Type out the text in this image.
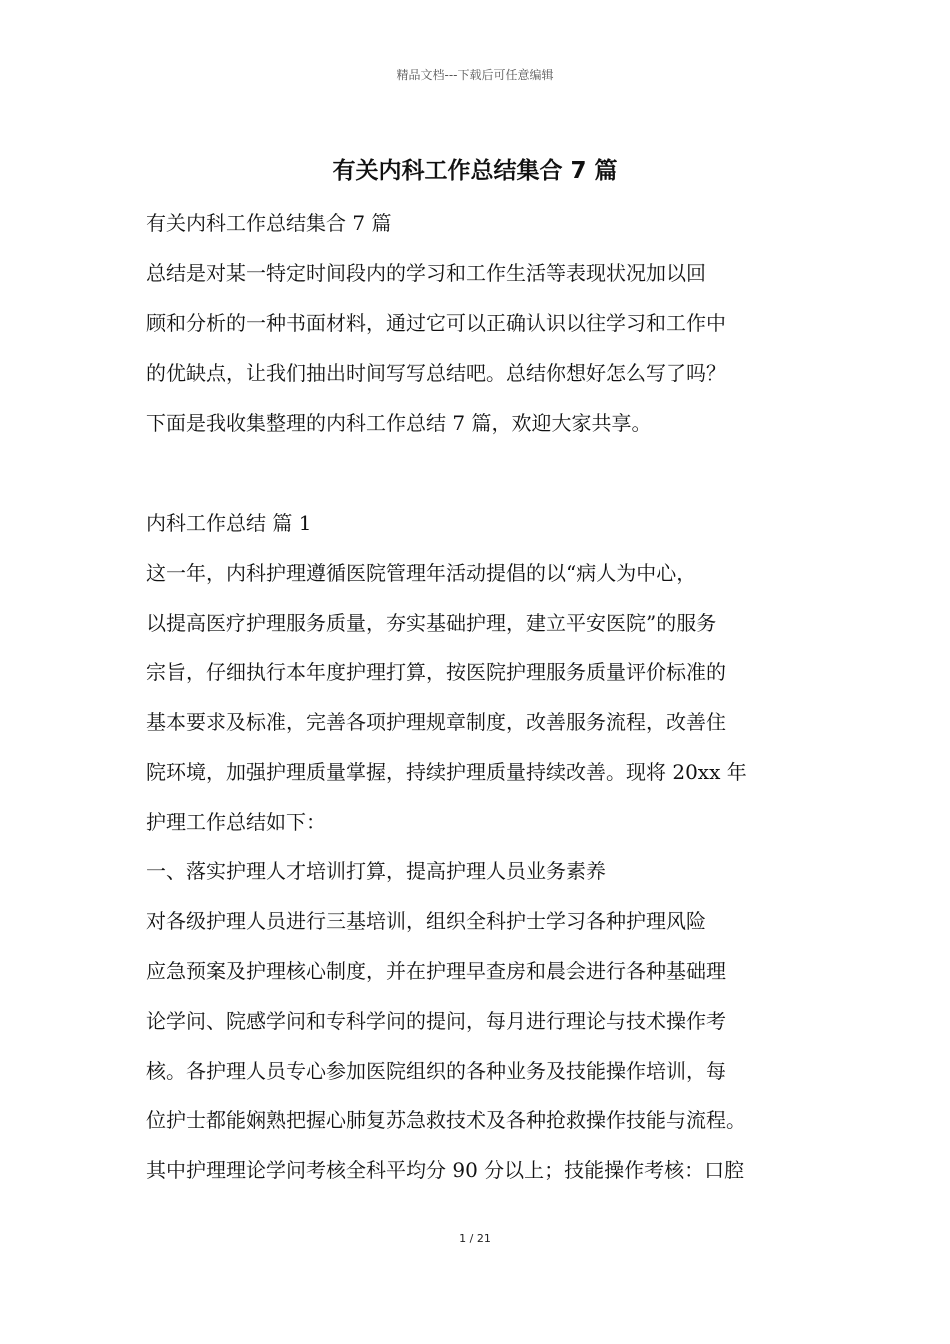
精品文档---下载后可任意编辑
有关内科工作总结集合 7 篇
有关内科工作总结集合 7 篇
总结是对某一特定时间段内的学习和工作生活等表现状况加以回
顾和分析的一种书面材料，通过它可以正确认识以往学习和工作中
的优缺点，让我们抽出时间写写总结吧。总结你想好怎么写了吗？
下面是我收集整理的内科工作总结 7 篇，欢迎大家共享。
内科工作总结 篇 1
这一年，内科护理遵循医院管理年活动提倡的以“病人为中心，
以提高医疗护理服务质量，夯实基础护理，建立平安医院”的服务
宗旨，仔细执行本年度护理打算，按医院护理服务质量评价标准的
基本要求及标准，完善各项护理规章制度，改善服务流程，改善住
院环境，加强护理质量掌握，持续护理质量持续改善。现将 20xx 年
护理工作总结如下：
一、落实护理人才培训打算，提高护理人员业务素养
对各级护理人员进行三基培训，组织全科护士学习各种护理风险
应急预案及护理核心制度，并在护理早查房和晨会进行各种基础理
论学问、院感学问和专科学问的提问，每月进行理论与技术操作考
核。各护理人员专心参加医院组织的各种业务及技能操作培训，每
位护士都能娴熟把握心肺复苏急救技术及各种抢救操作技能与流程。
其中护理理论学问考核全科平均分 90 分以上；技能操作考核：口腔
1 / 21
